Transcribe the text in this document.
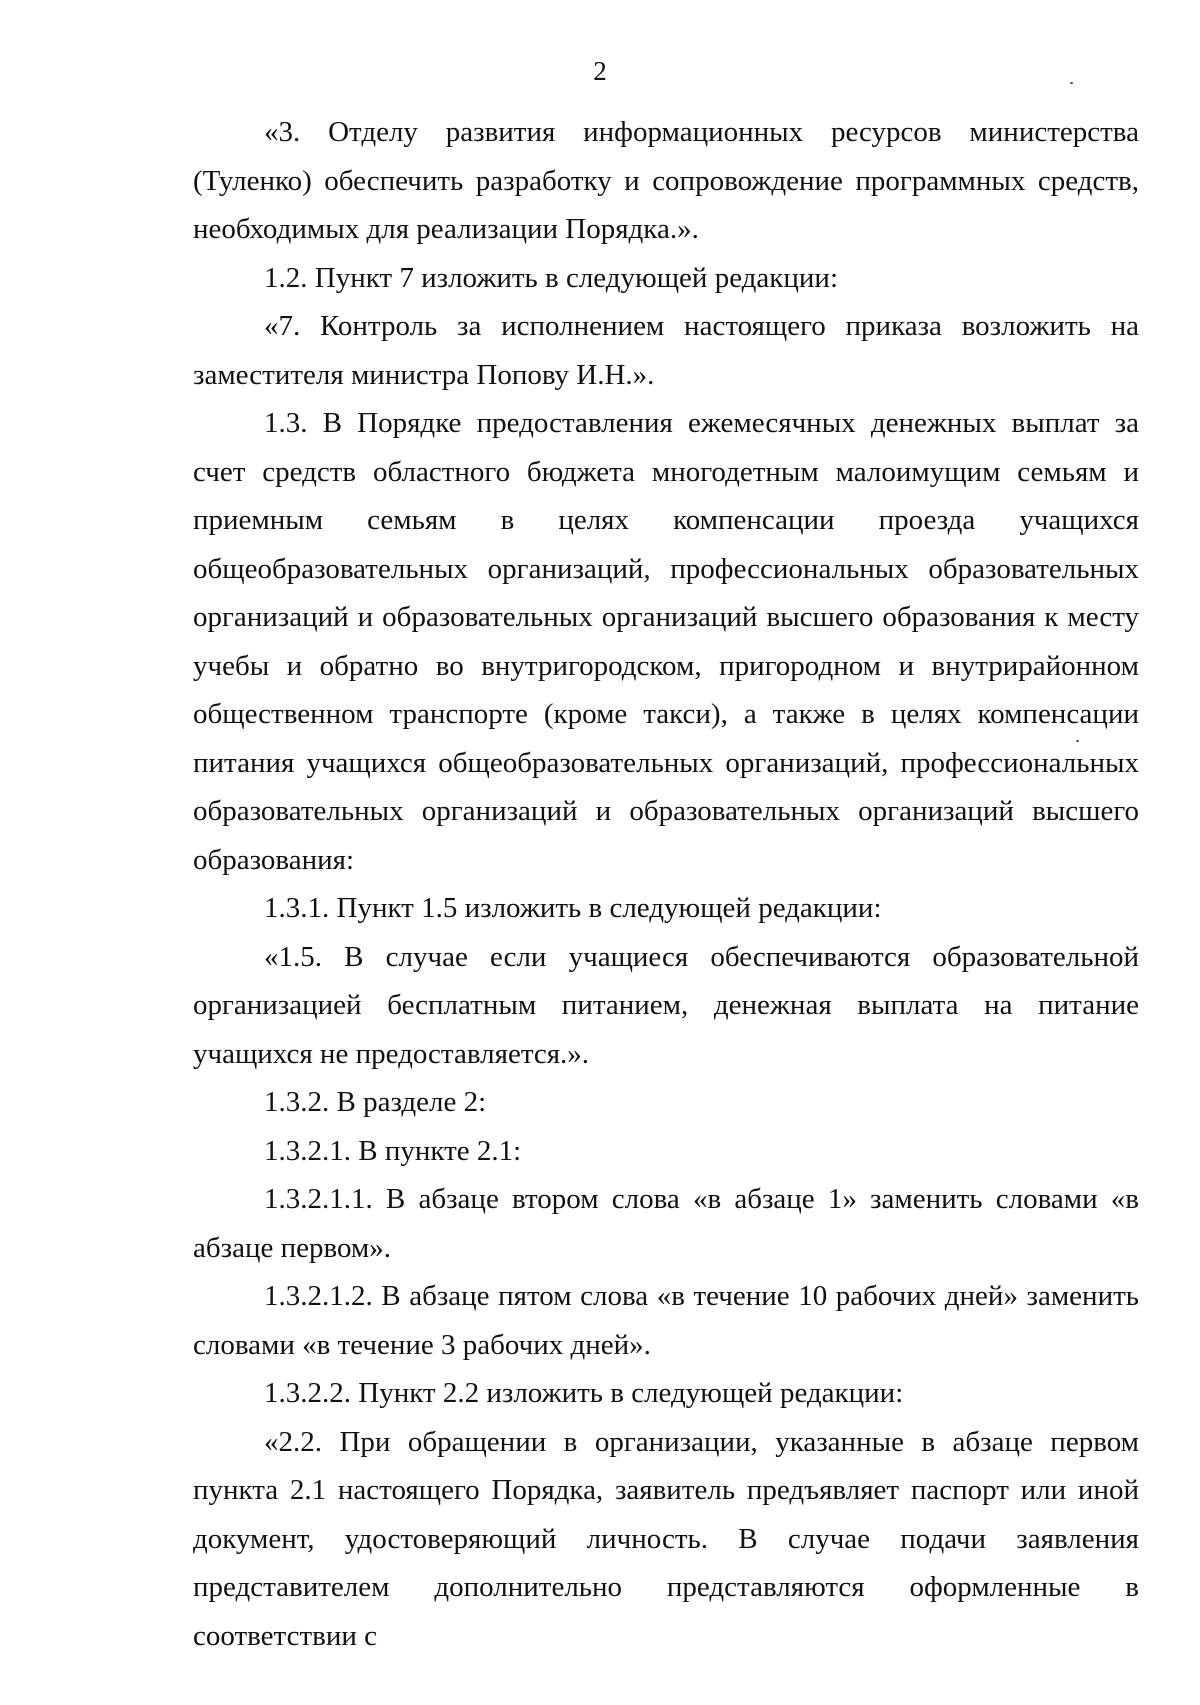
2

«3. Отделу развития информационных ресурсов министерства (Туленко) обеспечить разработку и сопровождение программных средств, необходимых для реализации Порядка.».

1.2. Пункт 7 изложить в следующей редакции:

«7. Контроль за исполнением настоящего приказа возложить на заместителя министра Попову И.Н.».

1.3. В Порядке предоставления ежемесячных денежных выплат за счет средств областного бюджета многодетным малоимущим семьям и приемным семьям в целях компенсации проезда учащихся общеобразовательных организаций, профессиональных образовательных организаций и образовательных организаций высшего образования к месту учебы и обратно во внутригородском, пригородном и внутрирайонном общественном транспорте (кроме такси), а также в целях компенсации питания учащихся общеобразовательных организаций, профессиональных образовательных организаций и образовательных организаций высшего образования:

1.3.1. Пункт 1.5 изложить в следующей редакции:

«1.5. В случае если учащиеся обеспечиваются образовательной организацией бесплатным питанием, денежная выплата на питание учащихся не предоставляется.».

1.3.2. В разделе 2:

1.3.2.1. В пункте 2.1:

1.3.2.1.1. В абзаце втором слова «в абзаце 1» заменить словами «в абзаце первом».

1.3.2.1.2. В абзаце пятом слова «в течение 10 рабочих дней» заменить словами «в течение 3 рабочих дней».

1.3.2.2. Пункт 2.2 изложить в следующей редакции:

«2.2. При обращении в организации, указанные в абзаце первом пункта 2.1 настоящего Порядка, заявитель предъявляет паспорт или иной документ, удостоверяющий личность. В случае подачи заявления представителем дополнительно представляются оформленные в соответствии с
